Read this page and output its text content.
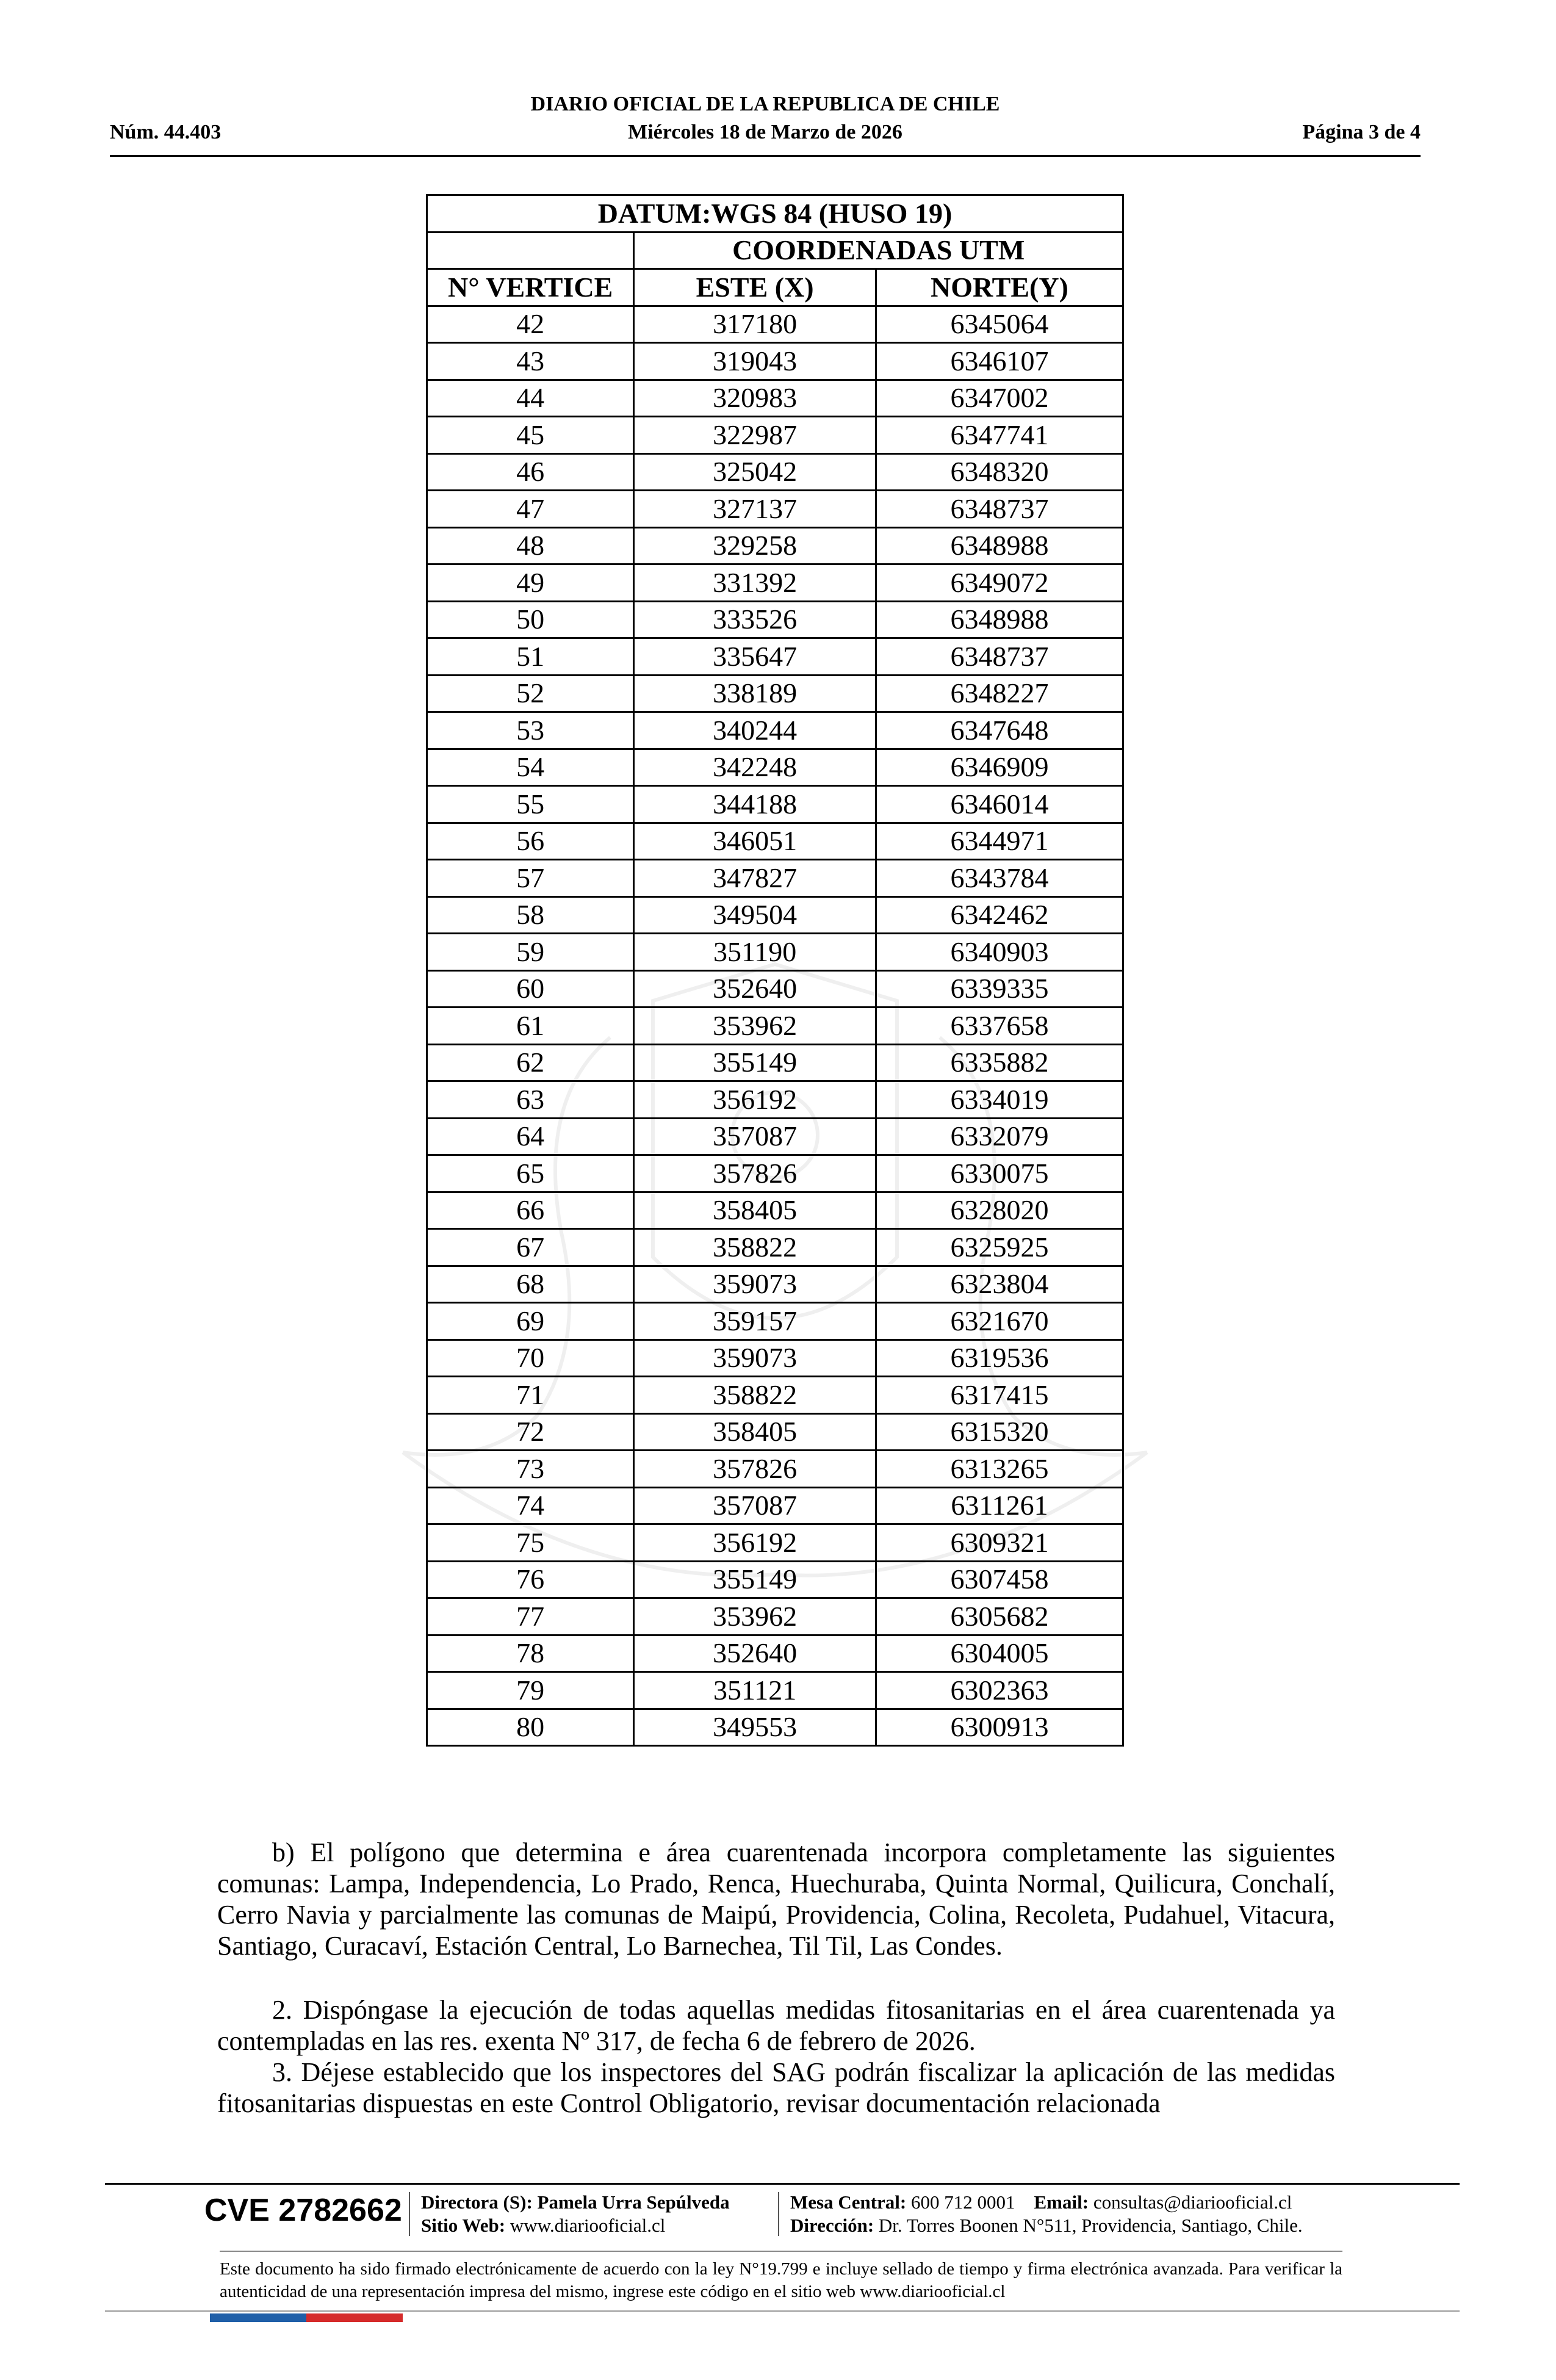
DIARIO OFICIAL DE LA REPUBLICA DE CHILE
Núm. 44.403	Miércoles 18 de Marzo de 2026	Página 3 de 4
DATUM:WGS 84 (HUSO 19)		
	COORDENADAS UTM	
N° VERTICE	ESTE (X)	NORTE(Y)
42	317180	6345064
43	319043	6346107
44	320983	6347002
45	322987	6347741
46	325042	6348320
47	327137	6348737
48	329258	6348988
49	331392	6349072
50	333526	6348988
51	335647	6348737
52	338189	6348227
53	340244	6347648
54	342248	6346909
55	344188	6346014
56	346051	6344971
57	347827	6343784
58	349504	6342462
59	351190	6340903
60	352640	6339335
61	353962	6337658
62	355149	6335882
63	356192	6334019
64	357087	6332079
65	357826	6330075
66	358405	6328020
67	358822	6325925
68	359073	6323804
69	359157	6321670
70	359073	6319536
71	358822	6317415
72	358405	6315320
73	357826	6313265
74	357087	6311261
75	356192	6309321
76	355149	6307458
77	353962	6305682
78	352640	6304005
79	351121	6302363
80	349553	6300913

b) El polígono que determina e área cuarentenada incorpora completamente las siguientes comunas: Lampa, Independencia, Lo Prado, Renca, Huechuraba, Quinta Normal, Quilicura, Conchalí, Cerro Navia y parcialmente las comunas de Maipú, Providencia, Colina, Recoleta, Pudahuel, Vitacura, Santiago, Curacaví, Estación Central, Lo Barnechea, Til Til, Las Condes.

2. Dispóngase la ejecución de todas aquellas medidas fitosanitarias en el área cuarentenada ya contempladas en las res. exenta Nº 317, de fecha 6 de febrero de 2026.

3. Déjese establecido que los inspectores del SAG podrán fiscalizar la aplicación de las medidas fitosanitarias dispuestas en este Control Obligatorio, revisar documentación relacionada

CVE 2782662 Directora (S): Pamela Urra Sepúlveda
Sitio Web: www.diariooficial.cl
Mesa Central: 600 712 0001 Email: consultas@diariooficial.cl
Dirección: Dr. Torres Boonen N°511, Providencia, Santiago, Chile.
Este documento ha sido firmado electrónicamente de acuerdo con la ley N°19.799 e incluye sellado de tiempo y firma electrónica avanzada. Para verificar la autenticidad de una representación impresa del mismo, ingrese este código en el sitio web www.diariooficial.cl
